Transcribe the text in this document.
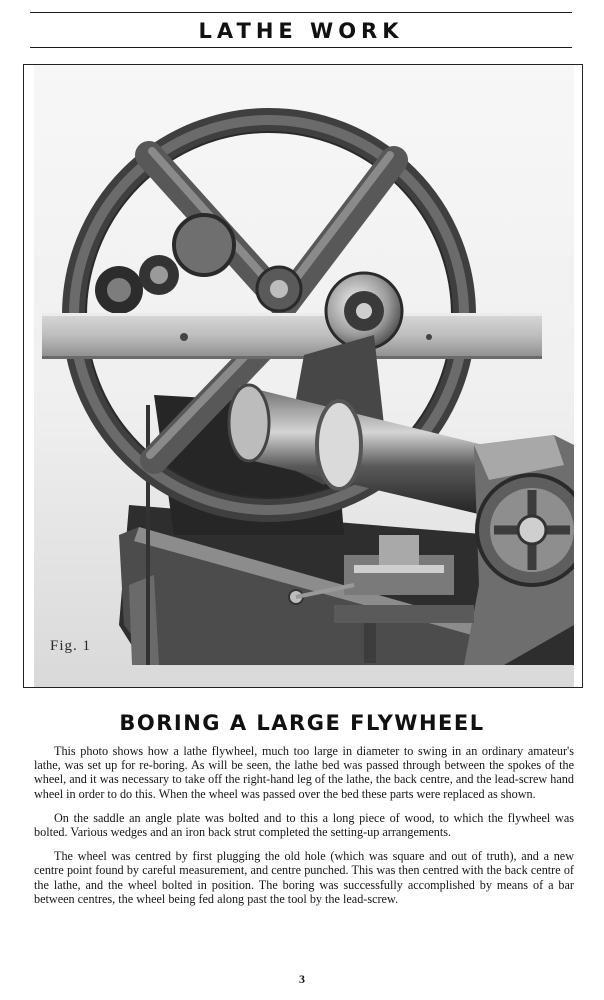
LATHE WORK
Fig. 1
BORING A LARGE FLYWHEEL

This photo shows how a lathe flywheel, much too large in diameter to swing in an ordinary amateur's lathe, was set up for re-boring. As will be seen, the lathe bed was passed through between the spokes of the wheel, and it was necessary to take off the right-hand leg of the lathe, the back centre, and the lead-screw hand wheel in order to do this. When the wheel was passed over the bed these parts were replaced as shown.

On the saddle an angle plate was bolted and to this a long piece of wood, to which the flywheel was bolted. Various wedges and an iron back strut completed the setting-up arrangements.

The wheel was centred by first plugging the old hole (which was square and out of truth), and a new centre point found by careful measurement, and centre punched. This was then centred with the back centre of the lathe, and the wheel bolted in position. The boring was successfully accomplished by means of a bar between centres, the wheel being fed along past the tool by the lead-screw.

3
